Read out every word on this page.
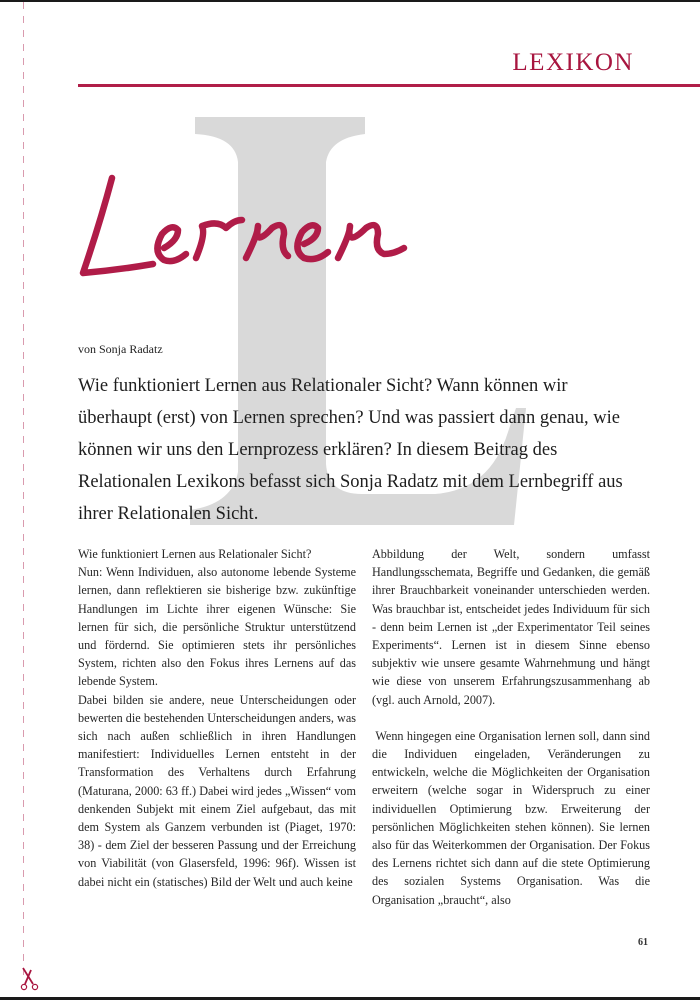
LEXIKON
von Sonja Radatz

Wie funktioniert Lernen aus Relationaler Sicht? Wann können wir überhaupt (erst) von Lernen sprechen? Und was passiert dann genau, wie können wir uns den Lernprozess erklären? In diesem Beitrag des Relationalen Lexikons befasst sich Sonja Radatz mit dem Lernbegriff aus ihrer Relationalen Sicht.

Wie funktioniert Lernen aus Relationaler Sicht?

Nun: Wenn Individuen, also autonome lebende Systeme lernen, dann reflektieren sie bisherige bzw. zukünftige Handlungen im Lichte ihrer eigenen Wünsche: Sie lernen für sich, die persönliche Struktur unterstützend und fördernd. Sie optimieren stets ihr persönliches System, richten also den Fokus ihres Lernens auf das lebende System.

Dabei bilden sie andere, neue Unterscheidungen oder bewerten die bestehenden Unterscheidungen anders, was sich nach außen schließlich in ihren Handlungen manifestiert: Individuelles Lernen entsteht in der Transformation des Verhaltens durch Erfahrung (Maturana, 2000: 63 ff.) Dabei wird jedes „Wissen“ vom denkenden Subjekt mit einem Ziel aufgebaut, das mit dem System als Ganzem verbunden ist (Piaget, 1970: 38) - dem Ziel der besseren Passung und der Erreichung von Viabilität (von Glasersfeld, 1996: 96f). Wissen ist dabei nicht ein (statisches) Bild der Welt und auch keine

Abbildung der Welt, sondern umfasst Handlungsschemata, Begriffe und Gedanken, die gemäß ihrer Brauchbarkeit voneinander unterschieden werden. Was brauchbar ist, entscheidet jedes Individuum für sich - denn beim Lernen ist „der Experimentator Teil seines Experiments“. Lernen ist in diesem Sinne ebenso subjektiv wie unsere gesamte Wahrnehmung und hängt wie diese von unserem Erfahrungszusammenhang ab (vgl. auch Arnold, 2007).

Wenn hingegen eine Organisation lernen soll, dann sind die Individuen eingeladen, Veränderungen zu entwickeln, welche die Möglichkeiten der Organisation erweitern (welche sogar in Widerspruch zu einer individuellen Optimierung bzw. Erweiterung der persönlichen Möglichkeiten stehen können). Sie lernen also für das Weiterkommen der Organisation. Der Fokus des Lernens richtet sich dann auf die stete Optimierung des sozialen Systems Organisation. Was die Organisation „braucht“, also

61
